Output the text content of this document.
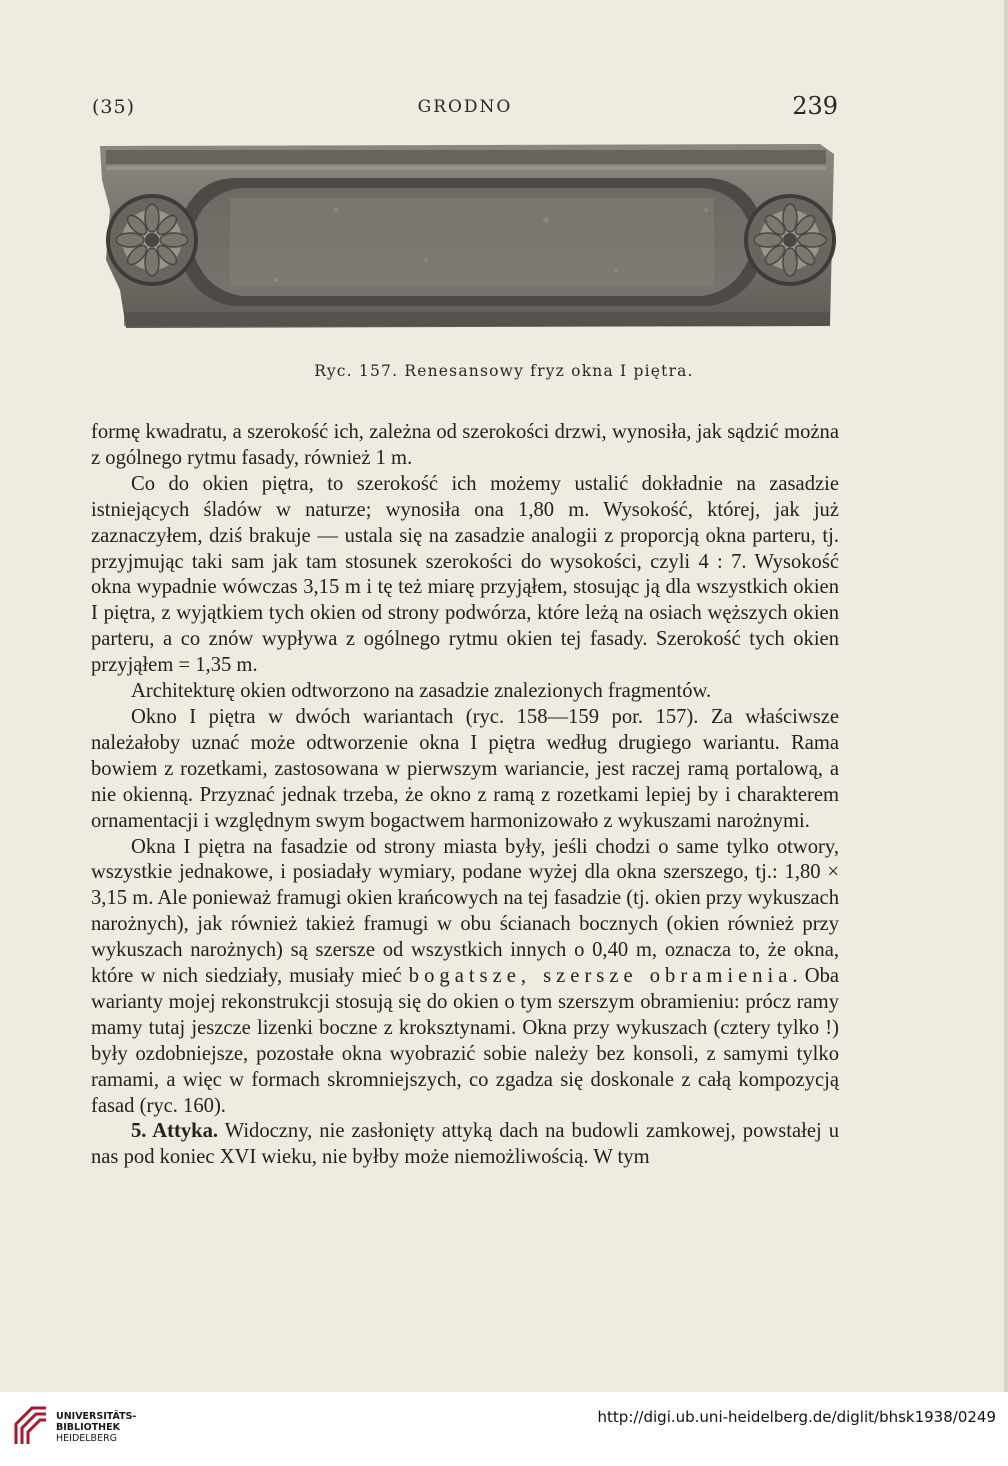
(35)	GRODNO	239
Ryc. 157. Renesansowy fryz okna I piętra.

formę kwadratu, a szerokość ich, zależna od szerokości drzwi, wynosiła, jak sądzić można z ogólnego rytmu fasady, również 1 m.

Co do okien piętra, to szerokość ich możemy ustalić dokładnie na zasadzie istniejących śladów w naturze; wynosiła ona 1,80 m. Wysokość, której, jak już zaznaczyłem, dziś brakuje — ustala się na zasadzie analogii z proporcją okna parteru, tj. przyjmując taki sam jak tam stosunek szerokości do wysokości, czyli 4 : 7. Wysokość okna wypadnie wówczas 3,15 m i tę też miarę przyjąłem, stosując ją dla wszystkich okien I piętra, z wyjątkiem tych okien od strony podwórza, które leżą na osiach węższych okien parteru, a co znów wypływa z ogólnego rytmu okien tej fasady. Szerokość tych okien przyjąłem = 1,35 m.

Architekturę okien odtworzono na zasadzie znalezionych fragmentów.

Okno I piętra w dwóch wariantach (ryc. 158—159 por. 157). Za właściwsze należałoby uznać może odtworzenie okna I piętra według drugiego wariantu. Rama bowiem z rozetkami, zastosowana w pierwszym wariancie, jest raczej ramą portalową, a nie okienną. Przyznać jednak trzeba, że okno z ramą z rozetkami lepiej by i charakterem ornamentacji i względnym swym bogactwem harmonizowało z wykuszami narożnymi.

Okna I piętra na fasadzie od strony miasta były, jeśli chodzi o same tylko otwory, wszystkie jednakowe, i posiadały wymiary, podane wyżej dla okna szerszego, tj.: 1,80 × 3,15 m. Ale ponieważ framugi okien krańcowych na tej fasadzie (tj. okien przy wykuszach narożnych), jak również takież framugi w obu ścianach bocznych (okien również przy wykuszach narożnych) są szersze od wszystkich innych o 0,40 m, oznacza to, że okna, które w nich siedziały, musiały mieć bogatsze, szersze obramienia. Oba warianty mojej rekonstrukcji stosują się do okien o tym szerszym obramieniu: prócz ramy mamy tutaj jeszcze lizenki boczne z kroksztynami. Okna przy wykuszach (cztery tylko !) były ozdobniejsze, pozostałe okna wyobrazić sobie należy bez konsoli, z samymi tylko ramami, a więc w formach skromniejszych, co zgadza się doskonale z całą kompozycją fasad (ryc. 160).

5. Attyka. Widoczny, nie zasłonięty attyką dach na budowli zamkowej, powstałej u nas pod koniec XVI wieku, nie byłby może niemożliwością. W tym

UNIVERSITÄTS-
BIBLIOTHEK
HEIDELBERG
http://digi.ub.uni-heidelberg.de/diglit/bhsk1938/0249
